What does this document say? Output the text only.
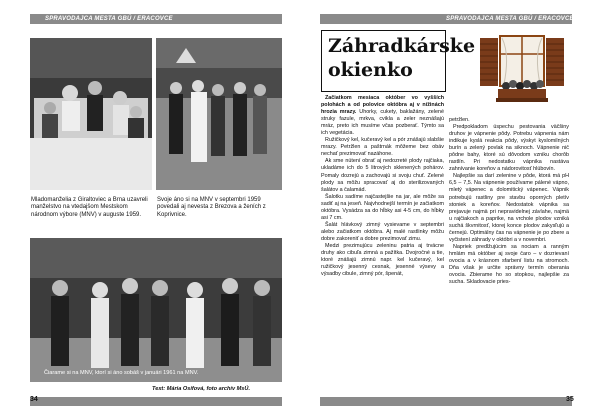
SPRAVODAJCA MESTA GBÚ / ERACOVCE
Mladomanželia z Giraltoviec a Brna uzavreli manželstvo na vtedajšom Mestskom národnom výbore (MNV) v auguste 1959.
Svoje áno si na MNV v septembri 1959 povedali aj nevesta z Brezova a ženích z Koprivnice.
Čiarame si na MNV, ktorí si áno sobáš v januári 1961 na MNV.
Text: Mária Osifová, foto archív MsÚ.
34
SPRAVODAJCA MESTA GBÚ / ERACOVCE
35
Záhradkárske
okienko

Začiatkom mesiaca október vo vyšších polohách a od polovice októbra aj v nížinách hrozia mrazy. Uhorky, cukety, baklažány, zelené struky fazule, mrkva, cvikla a zeler neznášajú mráz, preto ich musíme včas pozberať. Týmto sa ich vegetácia.

Ružičkový kel, kučeravý kel a pór znášajú slabšie mrazy. Petržlen a paštrnák môžeme bez obáv nechať prezimovať nazáhone.

Ak sme nútení obrať aj nedozreté plody rajčiaka, ukladáme ich do 5 litrových sklenených pohárov. Pomaly dozrejú a zachovajú si svoju chuť. Zelené plody sa môžu spracovať aj do sterilizovaných šalátov a čalamád.

Šalotku sadíme najčastejšie na jar, ale môže sa sadiť aj na jeseň. Najvhodnejší termín je začiatkom októbra. Vysádza sa do hĺbky asi 4-5 cm, do hĺbky asi 7 cm.

Šalát hlávkový zimný vysievame v septembri alebo začiatkom októbra. Aj malé rastlinky môžu dobre zakoreniť a dobre prezimovať zimu.

Medzi prezimujúcu zeleninu patria aj trvácne druhy ako cibuľa zimná a pažítka. Dvojročné a tie, ktoré znášajú zimnú napr. kel kučeravý, kel ružičkový jesenný cesnak, jesenné výsevy a výsadby cibule, zimný pór, špenát,

petržlen.

Predpokladom úspechu pestovania väčšiny druhov je vápnenie pôdy. Potrebu vápnenia nám indikuje kyslá reakcia pôdy, výskyt kyslomilných burín a zelený povlak na siknoch. Vápnenie nič pôdne bahy, ktoré sú dôvodom vzniku chorôb rastlín. Pri nedostatku vápnika nastáva zahnívanie koreňov a nádorovitosť hlúbovín.

Najlepšie sa darí zelenine v pôde, ktorá má pH 6,5 – 7,5. Na vápnenie používame pálené vápno, mletý vápenec a dolomitický vápenec. Vápnik potrebujú rastliny pre stavbu oporných pletív stoniek a koreňov. Nedostatok vápnika sa prejavuje najmä pri nepravidelnej závlahe, najmä u rajčiakoch a paprike, na vrchole plodov vzniká suchá škvrnitosť, ktorej konce plodov zakysľujú a černejú. Optimálny čas na vápnenie je po zbere a vyčistení záhrady v októbri a v novembri.

Napriek predlžujúcim sa nociam a ranným hmlám má október aj svoje čaro – v dozrievaní ovocia a v krásnom sfarbení listu na stromoch. Dňa však je určite správny termín oberania ovocia. Zbierame ho so stopkou, najlepšie za sucha. Skladovacie pries-
